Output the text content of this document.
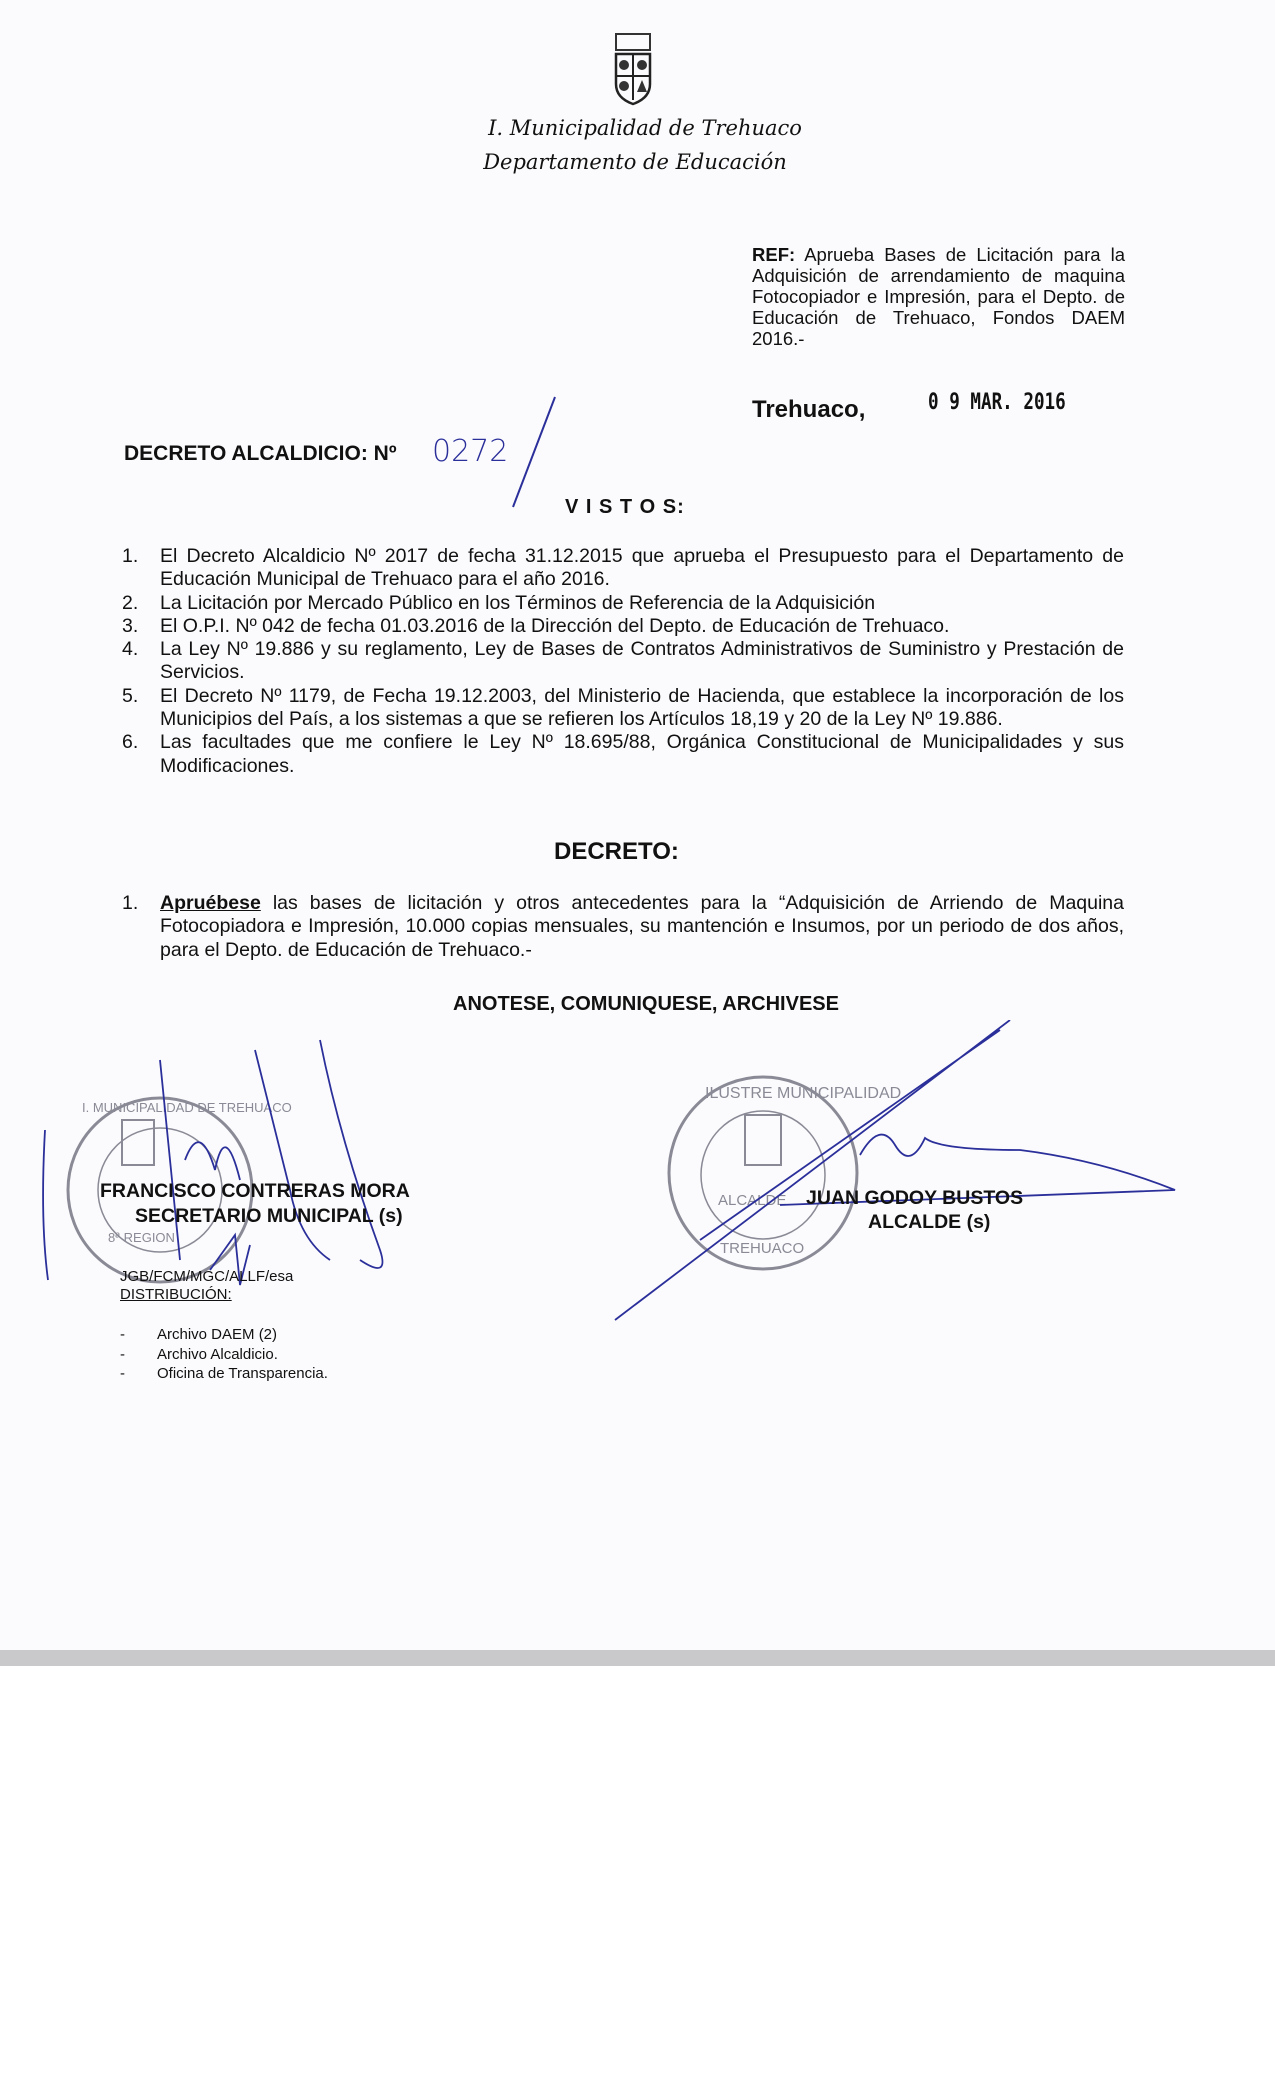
I. Municipalidad de Trehuaco
Departamento de Educación
REF: Aprueba Bases de Licitación para la Adquisición de arrendamiento de maquina Fotocopiador e Impresión, para el Depto. de Educación de Trehuaco, Fondos DAEM 2016.-
Trehuaco,	0 9 MAR. 2016
DECRETO ALCALDICIO: Nº 0272
V I S T O S:
1. El Decreto Alcaldicio Nº 2017 de fecha 31.12.2015 que aprueba el Presupuesto para el Departamento de Educación Municipal de Trehuaco para el año 2016.
2. La Licitación por Mercado Público en los Términos de Referencia de la Adquisición
3. El O.P.I. Nº 042 de fecha 01.03.2016 de la Dirección del Depto. de Educación de Trehuaco.
4. La Ley Nº 19.886 y su reglamento, Ley de Bases de Contratos Administrativos de Suministro y Prestación de Servicios.
5. El Decreto Nº 1179, de Fecha 19.12.2003, del Ministerio de Hacienda, que establece la incorporación de los Municipios del País, a los sistemas a que se refieren los Artículos 18,19 y 20 de la Ley Nº 19.886.
6. Las facultades que me confiere le Ley Nº 18.695/88, Orgánica Constitucional de Municipalidades y sus Modificaciones.
DECRETO:
1. Apruébese las bases de licitación y otros antecedentes para la “Adquisición de Arriendo de Maquina Fotocopiadora e Impresión, 10.000 copias mensuales, su mantención e Insumos, por un periodo de dos años, para el Depto. de Educación de Trehuaco.-
ANOTESE, COMUNIQUESE, ARCHIVESE
I. MUNICIPALIDAD DE TREHUACO
8ª REGION
ILUSTRE MUNICIPALIDAD
ALCALDE
TREHUACO
FRANCISCO CONTRERAS MORA
SECRETARIO MUNICIPAL (s)
JUAN GODOY BUSTOS
ALCALDE (s)
JGB/FCM/MGC/ALLF/esa
DISTRIBUCIÓN:
- Archivo DAEM (2)
- Archivo Alcaldicio.
- Oficina de Transparencia.
